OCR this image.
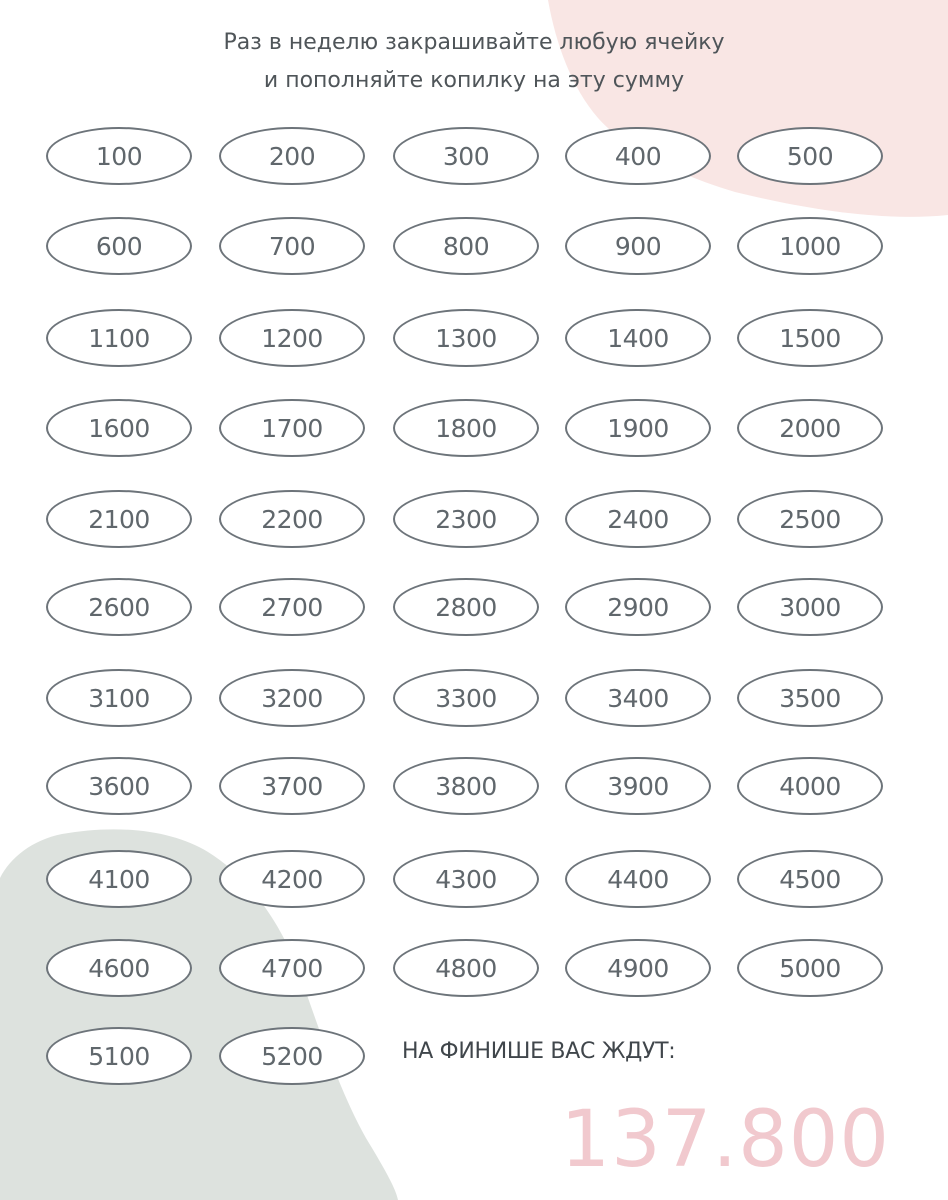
Раз в неделю закрашивайте любую ячейку
и пополняйте копилку на эту сумму
100	200	300	400	500
600	700	800	900	1000
1100	1200	1300	1400	1500
1600	1700	1800	1900	2000
2100	2200	2300	2400	2500
2600	2700	2800	2900	3000
3100	3200	3300	3400	3500
3600	3700	3800	3900	4000
4100	4200	4300	4400	4500
4600	4700	4800	4900	5000
5100	5200	НА ФИНИШЕ ВАС ЖДУТ:
137.800
